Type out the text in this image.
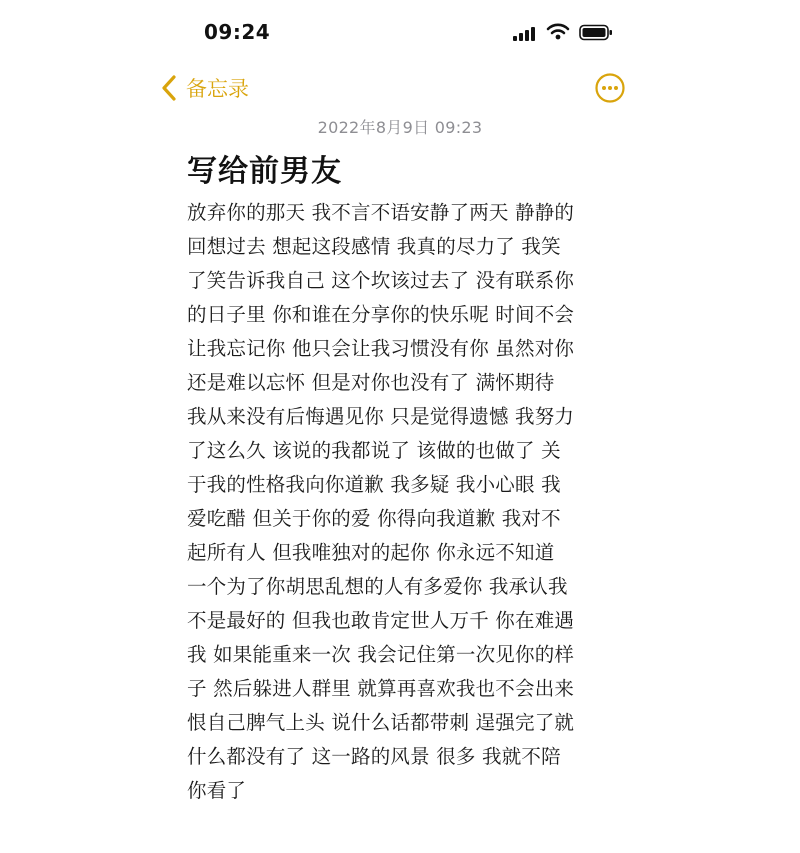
09:24
备忘录
2022年8月9日 09:23
写给前男友
放弃你的那天 我不言不语安静了两天 静静的
回想过去 想起这段感情 我真的尽力了 我笑
了笑告诉我自己 这个坎该过去了 没有联系你
的日子里 你和谁在分享你的快乐呢 时间不会
让我忘记你 他只会让我习惯没有你 虽然对你
还是难以忘怀 但是对你也没有了 满怀期待
我从来没有后悔遇见你 只是觉得遗憾 我努力
了这么久 该说的我都说了 该做的也做了 关
于我的性格我向你道歉 我多疑 我小心眼 我
爱吃醋 但关于你的爱 你得向我道歉 我对不
起所有人 但我唯独对的起你 你永远不知道
一个为了你胡思乱想的人有多爱你 我承认我
不是最好的 但我也敢肯定世人万千 你在难遇
我 如果能重来一次 我会记住第一次见你的样
子 然后躲进人群里 就算再喜欢我也不会出来
恨自己脾气上头 说什么话都带刺 逞强完了就
什么都没有了 这一路的风景 很多 我就不陪
你看了
